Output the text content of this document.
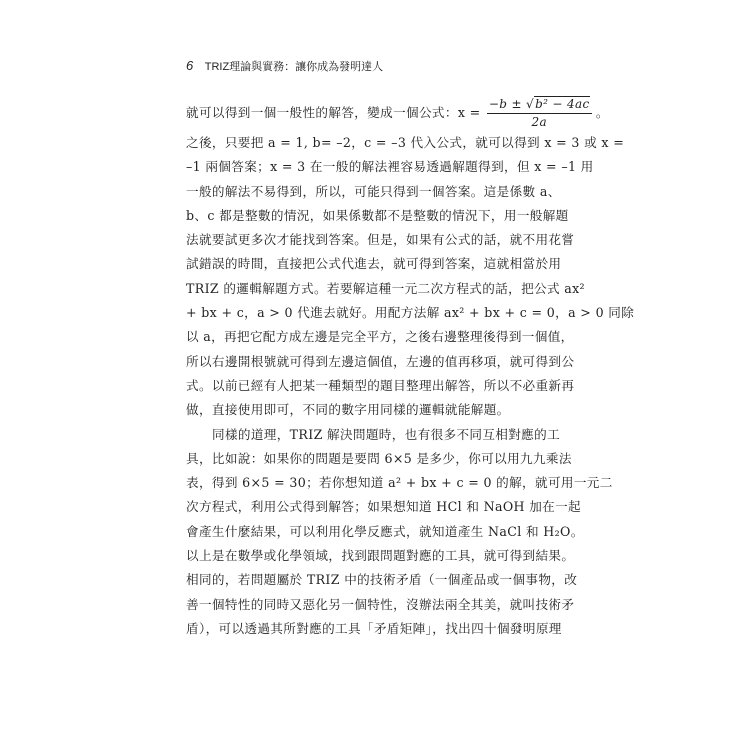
6 TRIZ理論與實務：讓你成為發明達人
就可以得到一個一般性的解答，變成一個公式：$x = \frac{\text{−b ± √b² − 4ac}}{2a}$ 。
之後，只要把 a = 1, b= –2，c = –3 代入公式，就可以得到 x = 3 或 x =
–1 兩個答案；x = 3 在一般的解法裡容易透過解題得到，但 x = –1 用
一般的解法不易得到，所以，可能只得到一個答案。這是係數 a、
b、c 都是整數的情況，如果係數都不是整數的情況下，用一般解題
法就要試更多次才能找到答案。但是，如果有公式的話，就不用花嘗
試錯誤的時間，直接把公式代進去，就可得到答案，這就相當於用
TRIZ 的邏輯解題方式。若要解這種一元二次方程式的話，把公式 ax²
+ bx + c，a > 0 代進去就好。用配方法解 ax² + bx + c = 0，a > 0 同除
以 a，再把它配方成左邊是完全平方，之後右邊整理後得到一個值，
所以右邊開根號就可得到左邊這個值，左邊的值再移項，就可得到公
式。以前已經有人把某一種類型的題目整理出解答，所以不必重新再
做，直接使用即可，不同的數字用同樣的邏輯就能解題。
同樣的道理，TRIZ 解決問題時，也有很多不同互相對應的工
具，比如說：如果你的問題是要問 6×5 是多少，你可以用九九乘法
表，得到 6×5 = 30；若你想知道 a² + bx + c = 0 的解，就可用一元二
次方程式，利用公式得到解答；如果想知道 HCl 和 NaOH 加在一起
會產生什麼結果，可以利用化學反應式，就知道產生 NaCl 和 H₂O。
以上是在數學或化學領域，找到跟問題對應的工具，就可得到結果。
相同的，若問題屬於 TRIZ 中的技術矛盾（一個產品或一個事物，改
善一個特性的同時又惡化另一個特性，沒辦法兩全其美，就叫技術矛
盾），可以透過其所對應的工具「矛盾矩陣」，找出四十個發明原理
